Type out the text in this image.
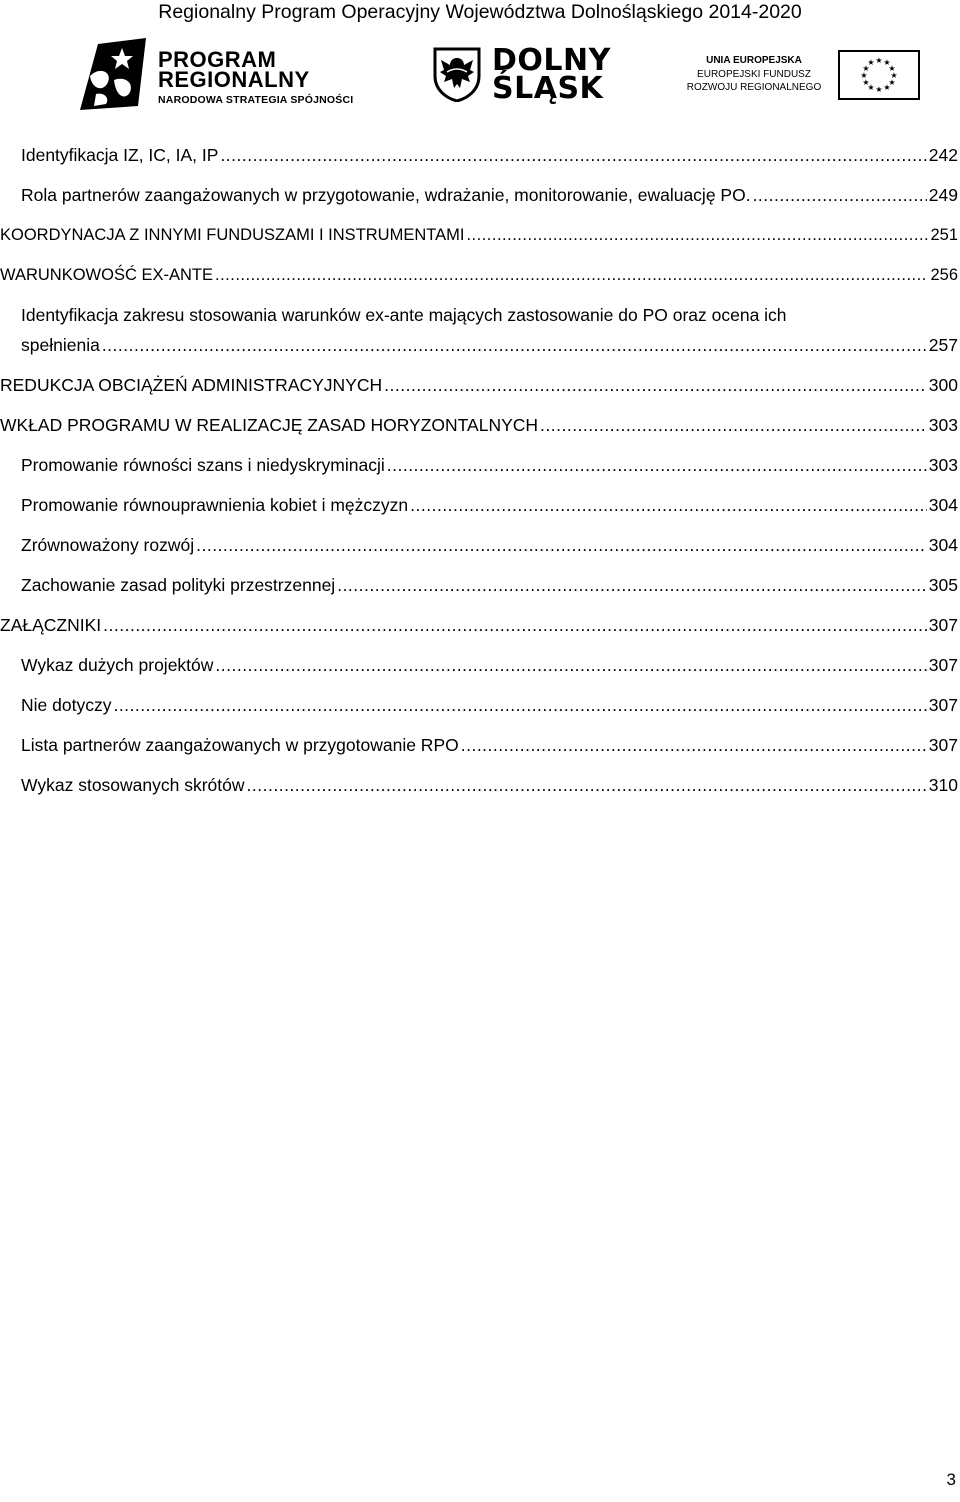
Regionalny Program Operacyjny Województwa Dolnośląskiego 2014-2020
PROGRAM
REGIONALNY
NARODOWA STRATEGIA SPÓJNOŚCI
DOLNY
ŚLĄSK
UNIA EUROPEJSKA
EUROPEJSKI FUNDUSZ
ROZWOJU REGIONALNEGO
★ ★
★
★
★
★
★
★
★
★
★
★
Identyfikacja IZ, IC, IA, IP .....	242
Rola partnerów zaangażowanych w przygotowanie, wdrażanie, monitorowanie, ewaluację PO. .....	249
KOORDYNACJA Z INNYMI FUNDUSZAMI I INSTRUMENTAMI .....	251
WARUNKOWOŚĆ EX-ANTE .....	256
Identyfikacja zakresu stosowania warunków ex-ante mających zastosowanie do PO oraz ocena ich
spełnienia .....	257
REDUKCJA OBCIĄŻEŃ ADMINISTRACYJNYCH .....	300
WKŁAD PROGRAMU W REALIZACJĘ ZASAD HORYZONTALNYCH .....	303
Promowanie równości szans i niedyskryminacji .....	303
Promowanie równouprawnienia kobiet i mężczyzn .....	304
Zrównoważony rozwój .....	304
Zachowanie zasad polityki przestrzennej .....	305
ZAŁĄCZNIKI .....	307
Wykaz dużych projektów .....	307
Nie dotyczy .....	307
Lista partnerów zaangażowanych w przygotowanie RPO .....	307
Wykaz stosowanych skrótów .....	310
3
